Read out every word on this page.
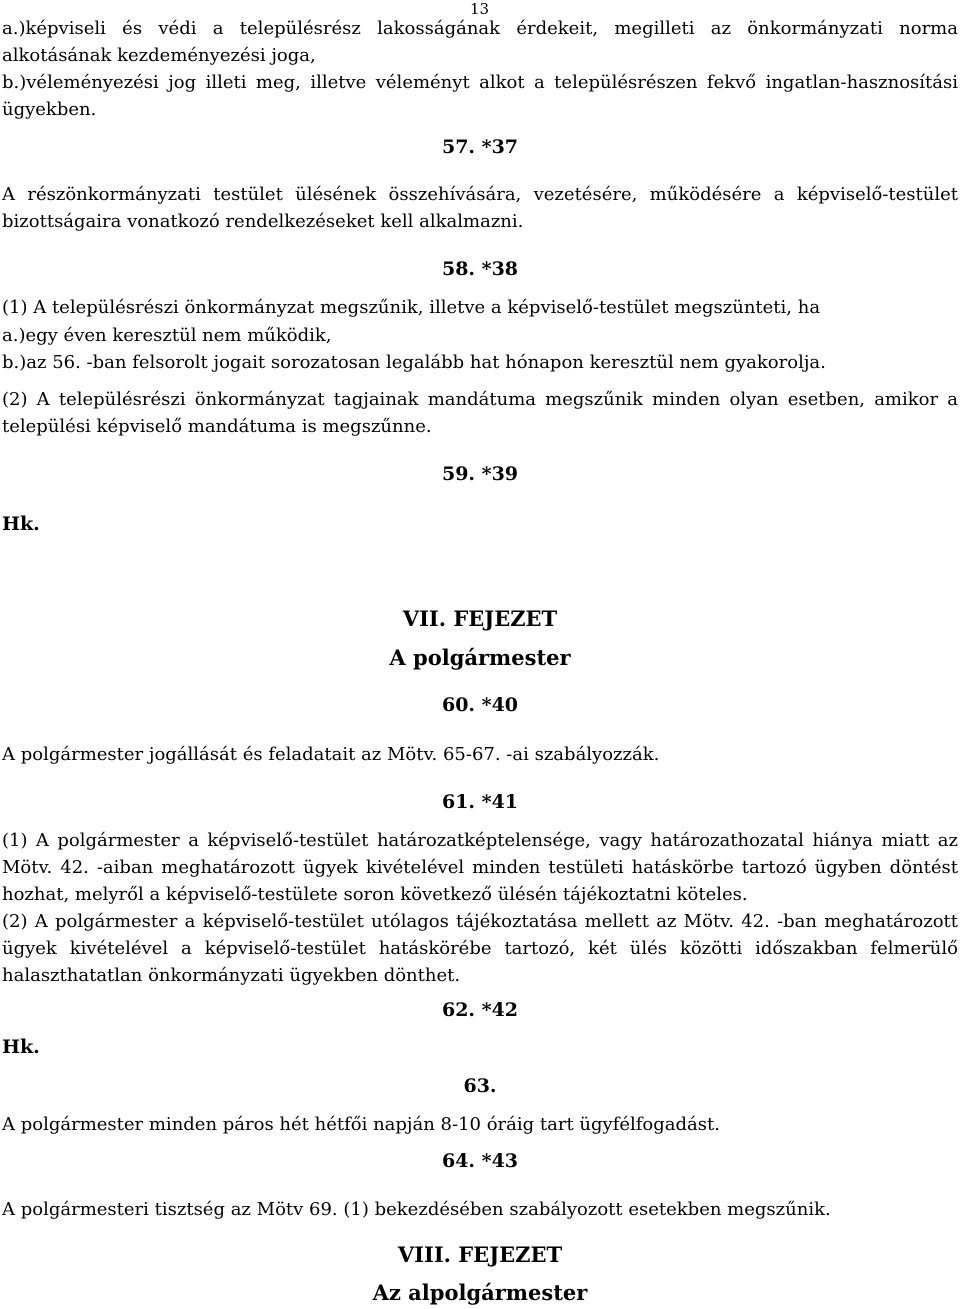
13
a.)képviseli és védi a településrész lakosságának érdekeit, megilleti az önkormányzati norma
alkotásának kezdeményezési joga,
b.)véleményezési jog illeti meg, illetve véleményt alkot a településrészen fekvő ingatlan-hasznosítási
ügyekben.
57. *37
A részönkormányzati testület ülésének összehívására, vezetésére, működésére a képviselő-testület
bizottságaira vonatkozó rendelkezéseket kell alkalmazni.
58. *38
(1) A településrészi önkormányzat megszűnik, illetve a képviselő-testület megszünteti, ha
a.)egy éven keresztül nem működik,
b.)az 56. -ban felsorolt jogait sorozatosan legalább hat hónapon keresztül nem gyakorolja.
(2) A településrészi önkormányzat tagjainak mandátuma megszűnik minden olyan esetben, amikor a
települési képviselő mandátuma is megszűnne.
59. *39
Hk.
VII. FEJEZET
A polgármester
60. *40
A polgármester jogállását és feladatait az Mötv. 65-67. -ai szabályozzák.
61. *41
(1) A polgármester a képviselő-testület határozatképtelensége, vagy határozathozatal hiánya miatt az
Mötv. 42. -aiban meghatározott ügyek kivételével minden testületi hatáskörbe tartozó ügyben döntést
hozhat, melyről a képviselő-testülete soron következő ülésén tájékoztatni köteles.
(2) A polgármester a képviselő-testület utólagos tájékoztatása mellett az Mötv. 42. -ban meghatározott
ügyek kivételével a képviselő-testület hatáskörébe tartozó, két ülés közötti időszakban felmerülő
halaszthatatlan önkormányzati ügyekben dönthet.
62. *42
Hk.
63.
A polgármester minden páros hét hétfői napján 8-10 óráig tart ügyfélfogadást.
64. *43
A polgármesteri tisztség az Mötv 69. (1) bekezdésében szabályozott esetekben megszűnik.
VIII. FEJEZET
Az alpolgármester
